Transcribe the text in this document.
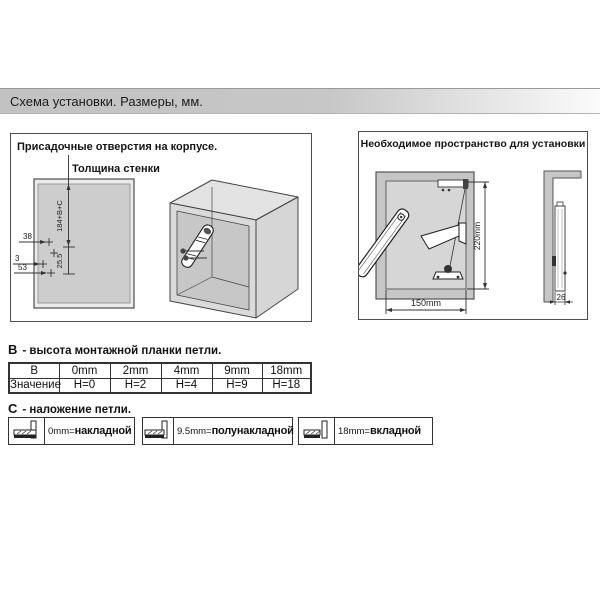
Схема установки. Размеры, мм.
Присадочные отверстия на корпусе.
Толщина стенки
184+B+C
25.5
38
3
53
Необходимое пространство для установки
220mm
150mm
26
B - высота монтажной планки петли.
B	0mm	2mm	4mm	9mm	18mm
Значение	H=0	H=2	H=4	H=9	H=18
C - наложение петли.
0mm= накладной	9.5mm= полунакладной	18mm= вкладной
